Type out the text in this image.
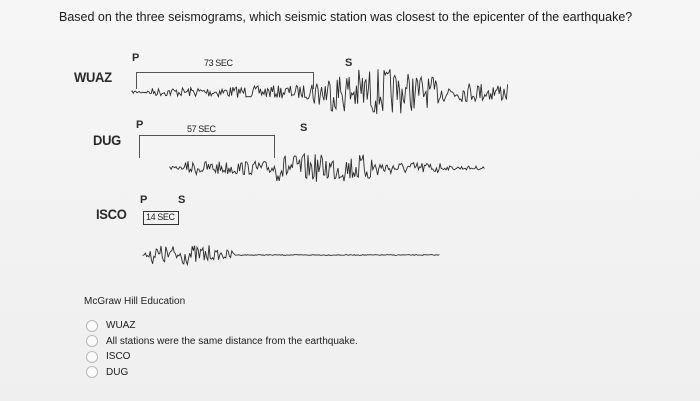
Based on the three seismograms, which seismic station was closest to the epicenter of the earthquake?
WUAZ
P	73 SEC	S
DUG
P	57 SEC	S
ISCO
P	S
14 SEC
McGraw Hill Education
WUAZ
All stations were the same distance from the earthquake.
ISCO
DUG
